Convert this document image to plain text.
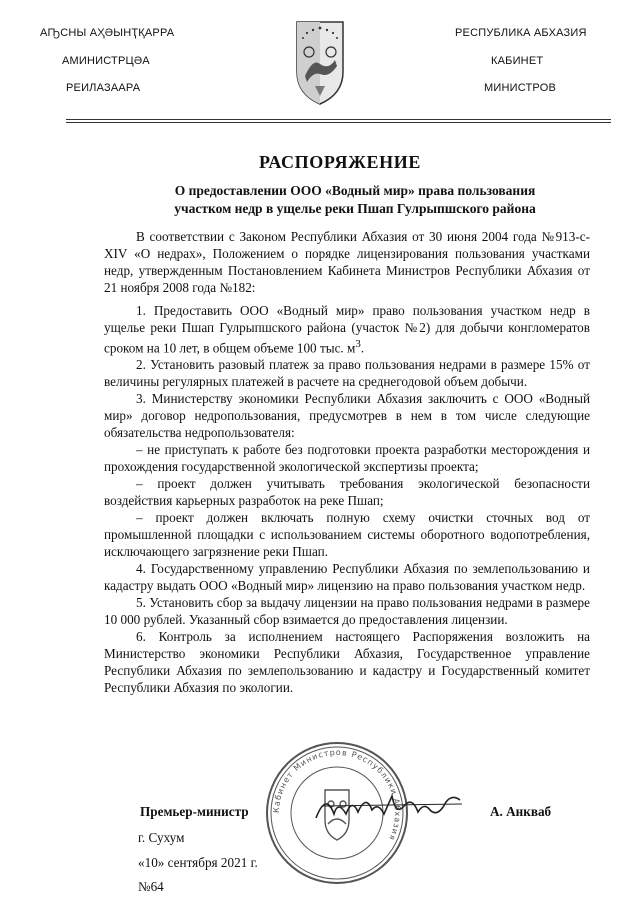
АҦСНЫ АҲӘЫНҬҚАРРА
АМИНИСТРЦӘА
РЕИЛАЗААРА
РЕСПУБЛИКА АБХАЗИЯ
КАБИНЕТ
МИНИСТРОВ
РАСПОРЯЖЕНИЕ
О предоставлении ООО «Водный мир» права пользования
участком недр в ущелье реки Пшап Гулрыпшского района

В соответствии с Законом Республики Абхазия от 30 июня 2004 года №913-с-XIV «О недрах», Положением о порядке лицензирования пользования участками недр, утвержденным Постановлением Кабинета Министров Республики Абхазия от 21 ноября 2008 года №182:

1. Предоставить ООО «Водный мир» право пользования участком недр в ущелье реки Пшап Гулрыпшского района (участок №2) для добычи конгломератов сроком на 10 лет, в общем объеме 100 тыс. $м^3$.

2. Установить разовый платеж за право пользования недрами в размере 15% от величины регулярных платежей в расчете на среднегодовой объем добычи.

3. Министерству экономики Республики Абхазия заключить с ООО «Водный мир» договор недропользования, предусмотрев в нем в том числе следующие обязательства недропользователя:

– не приступать к работе без подготовки проекта разработки месторождения и прохождения государственной экологической экспертизы проекта;

– проект должен учитывать требования экологической безопасности воздействия карьерных разработок на реке Пшап;

– проект должен включать полную схему очистки сточных вод от промышленной площадки с использованием системы оборотного водопотребления, исключающего загрязнение реки Пшап.

4. Государственному управлению Республики Абхазия по землепользованию и кадастру выдать ООО «Водный мир» лицензию на право пользования участком недр.

5. Установить сбор за выдачу лицензии на право пользования недрами в размере 10 000 рублей. Указанный сбор взимается до предоставления лицензии.

6. Контроль за исполнением настоящего Распоряжения возложить на Министерство экономики Республики Абхазия, Государственное управление Республики Абхазия по землепользованию и кадастру и Государственный комитет Республики Абхазия по экологии.

Кабинет Министров Республики Абхазия
Премьер-министр	А. Анкваб
г. Сухум
«10» сентября 2021 г.
№64
